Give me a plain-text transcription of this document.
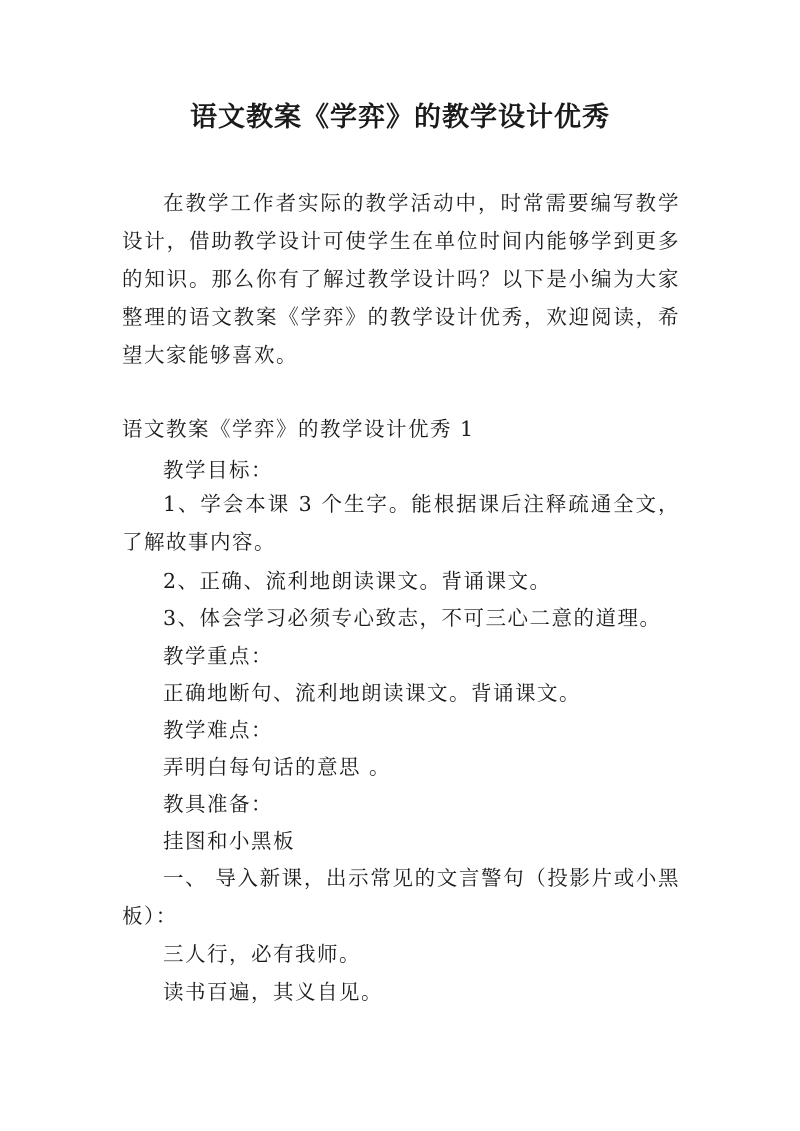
语文教案《学弈》的教学设计优秀

在教学工作者实际的教学活动中，时常需要编写教学设计，借助教学设计可使学生在单位时间内能够学到更多的知识。那么你有了解过教学设计吗？以下是小编为大家整理的语文教案《学弈》的教学设计优秀，欢迎阅读，希望大家能够喜欢。

语文教案《学弈》的教学设计优秀 1

教学目标：

1、学会本课 3 个生字。能根据课后注释疏通全文，了解故事内容。

2、正确、流利地朗读课文。背诵课文。

3、体会学习必须专心致志，不可三心二意的道理。

教学重点：

正确地断句、流利地朗读课文。背诵课文。

教学难点：

弄明白每句话的意思 。

教具准备：

挂图和小黑板

一、 导入新课，出示常见的文言警句（投影片或小黑板）：

三人行，必有我师。

读书百遍，其义自见。
